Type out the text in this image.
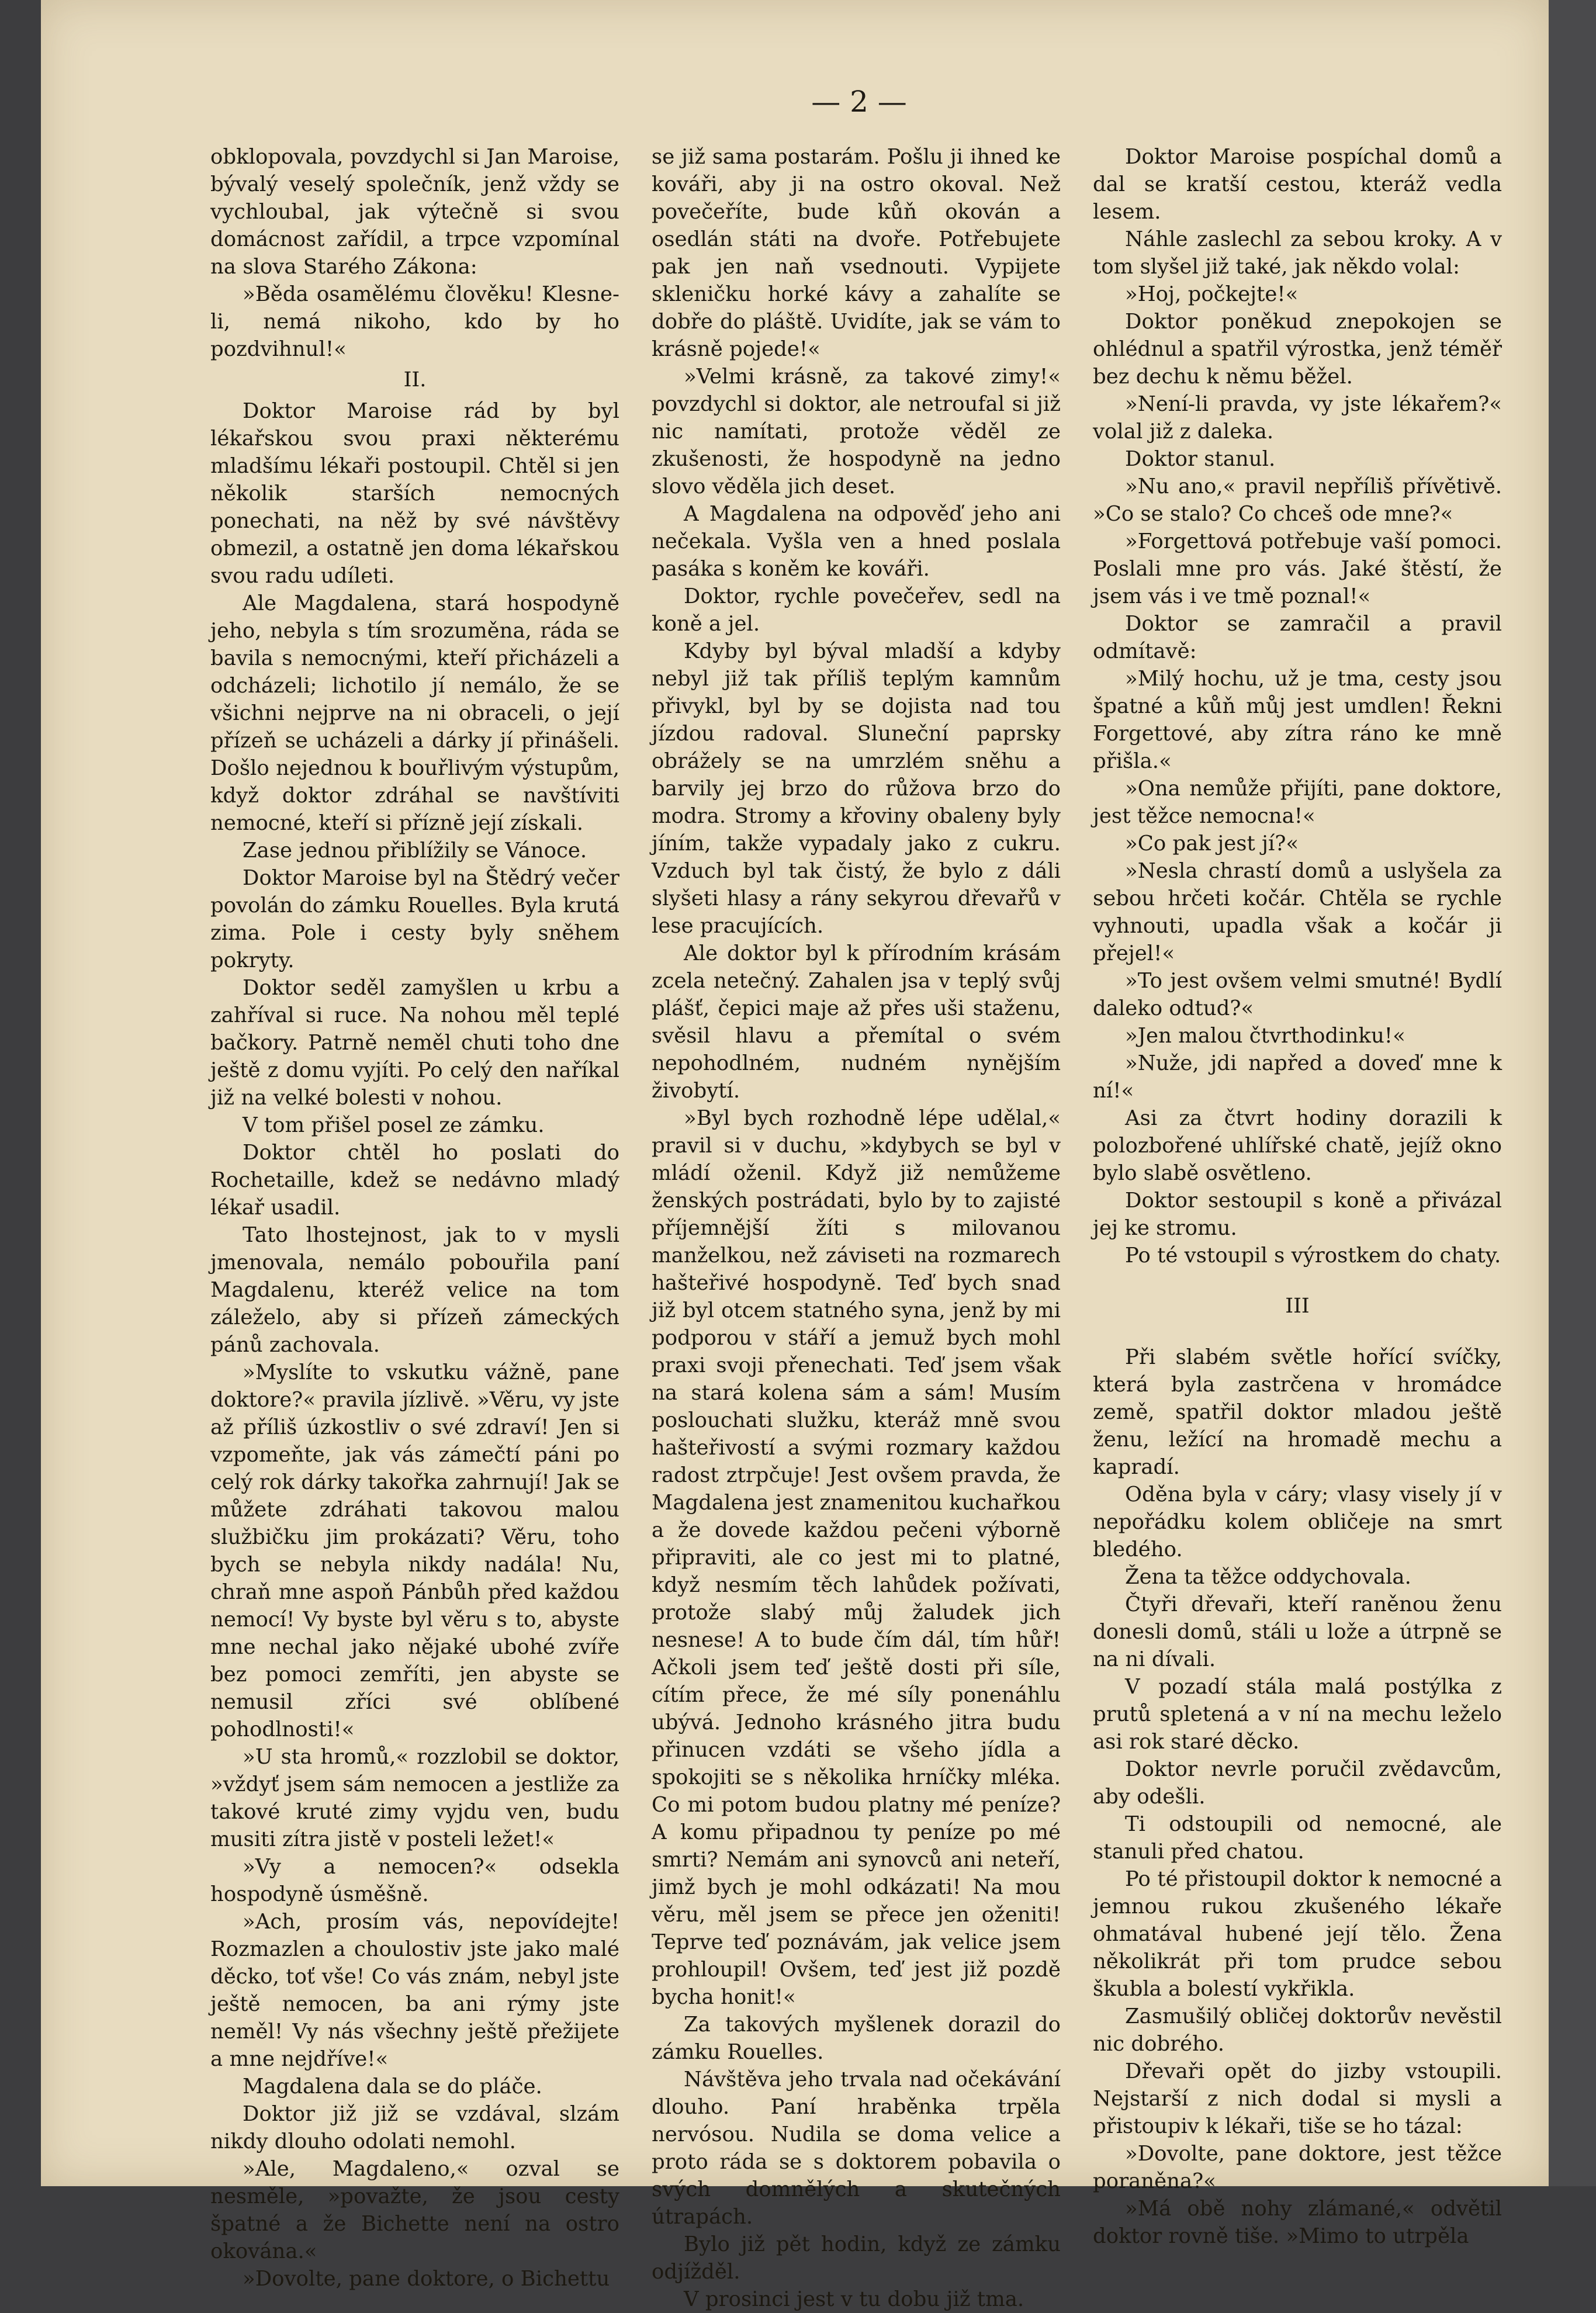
— 2 —

obklopovala, povzdychl si Jan Maroise, bývalý veselý společník, jenž vždy se vychloubal, jak výtečně si svou domácnost zařídil, a trpce vzpomínal na slova Starého Zákona:

»Běda osamělému člověku! Klesne-li, nemá nikoho, kdo by ho pozdvihnul!«

II.

Doktor Maroise rád by byl lékařskou svou praxi některému mladšímu lékaři postoupil. Chtěl si jen několik starších nemocných ponechati, na něž by své návštěvy obmezil, a ostatně jen doma lékařskou svou radu udíleti.

Ale Magdalena, stará hospodyně jeho, nebyla s tím srozuměna, ráda se bavila s nemocnými, kteří přicházeli a odcházeli; lichotilo jí nemálo, že se všichni nejprve na ni obraceli, o její přízeň se ucházeli a dárky jí přinášeli. Došlo nejednou k bouřlivým výstupům, když doktor zdráhal se navštíviti nemocné, kteří si přízně její získali.

Zase jednou přiblížily se Vánoce.

Doktor Maroise byl na Štědrý večer povolán do zámku Rouelles. Byla krutá zima. Pole i cesty byly sněhem pokryty.

Doktor seděl zamyšlen u krbu a zahříval si ruce. Na nohou měl teplé bačkory. Patrně neměl chuti toho dne ještě z domu vyjíti. Po celý den naříkal již na velké bolesti v nohou.

V tom přišel posel ze zámku.

Doktor chtěl ho poslati do Rochetaille, kdež se nedávno mladý lékař usadil.

Tato lhostejnost, jak to v mysli jmenovala, nemálo pobouřila paní Magdalenu, kteréž velice na tom záleželo, aby si přízeň zámeckých pánů zachovala.

»Myslíte to vskutku vážně, pane doktore?« pravila jízlivě. »Věru, vy jste až příliš úzkostliv o své zdraví! Jen si vzpomeňte, jak vás zámečtí páni po celý rok dárky takořka zahrnují! Jak se můžete zdráhati takovou malou službičku jim prokázati? Věru, toho bych se nebyla nikdy nadála! Nu, chraň mne aspoň Pánbůh před každou nemocí! Vy byste byl věru s to, abyste mne nechal jako nějaké ubohé zvíře bez pomoci zemříti, jen abyste se nemusil zříci své oblíbené pohodlnosti!«

»U sta hromů,« rozzlobil se doktor, »vždyť jsem sám nemocen a jestliže za takové kruté zimy vyjdu ven, budu musiti zítra jistě v posteli ležet!«

»Vy a nemocen?« odsekla hospodyně úsměšně.

»Ach, prosím vás, nepovídejte! Rozmazlen a choulostiv jste jako malé děcko, toť vše! Co vás znám, nebyl jste ještě nemocen, ba ani rýmy jste neměl! Vy nás všechny ještě přežijete a mne nejdříve!«

Magdalena dala se do pláče.

Doktor již již se vzdával, slzám nikdy dlouho odolati nemohl.

»Ale, Magdaleno,« ozval se nesměle, »považte, že jsou cesty špatné a že Bichette není na ostro okována.«

»Dovolte, pane doktore, o Bichettu

se již sama postarám. Pošlu ji ihned ke kováři, aby ji na ostro okoval. Než povečeříte, bude kůň okován a osedlán státi na dvoře. Potřebujete pak jen naň vsednouti. Vypijete skleničku horké kávy a zahalíte se dobře do pláště. Uvidíte, jak se vám to krásně pojede!«

»Velmi krásně, za takové zimy!« povzdychl si doktor, ale netroufal si již nic namítati, protože věděl ze zkušenosti, že hospodyně na jedno slovo věděla jich deset.

A Magdalena na odpověď jeho ani nečekala. Vyšla ven a hned poslala pasáka s koněm ke kováři.

Doktor, rychle povečeřev, sedl na koně a jel.

Kdyby byl býval mladší a kdyby nebyl již tak příliš teplým kamnům přivykl, byl by se dojista nad tou jízdou radoval. Sluneční paprsky obrážely se na umrzlém sněhu a barvily jej brzo do růžova brzo do modra. Stromy a křoviny obaleny byly jíním, takže vypadaly jako z cukru. Vzduch byl tak čistý, že bylo z dáli slyšeti hlasy a rány sekyrou dřevařů v lese pracujících.

Ale doktor byl k přírodním krásám zcela netečný. Zahalen jsa v teplý svůj plášť, čepici maje až přes uši staženu, svěsil hlavu a přemítal o svém nepohodlném, nudném nynějším živobytí.

»Byl bych rozhodně lépe udělal,« pravil si v duchu, »kdybych se byl v mládí oženil. Když již nemůžeme ženských postrádati, bylo by to zajisté příjemnější žíti s milovanou manželkou, než záviseti na rozmarech hašteřivé hospodyně. Teď bych snad již byl otcem statného syna, jenž by mi podporou v stáří a jemuž bych mohl praxi svoji přenechati. Teď jsem však na stará kolena sám a sám! Musím poslouchati služku, kteráž mně svou hašteřivostí a svými rozmary každou radost ztrpčuje! Jest ovšem pravda, že Magdalena jest znamenitou kuchařkou a že dovede každou pečeni výborně připraviti, ale co jest mi to platné, když nesmím těch lahůdek požívati, protože slabý můj žaludek jich nesnese! A to bude čím dál, tím hůř! Ačkoli jsem teď ještě dosti při síle, cítím přece, že mé síly ponenáhlu ubývá. Jednoho krásného jitra budu přinucen vzdáti se všeho jídla a spokojiti se s několika hrníčky mléka. Co mi potom budou platny mé peníze? A komu připadnou ty peníze po mé smrti? Nemám ani synovců ani neteří, jimž bych je mohl odkázati! Na mou věru, měl jsem se přece jen oženiti! Teprve teď poznávám, jak velice jsem prohloupil! Ovšem, teď jest již pozdě bycha honit!«

Za takových myšlenek dorazil do zámku Rouelles.

Návštěva jeho trvala nad očekávání dlouho. Paní hraběnka trpěla nervósou. Nudila se doma velice a proto ráda se s doktorem pobavila o svých domnělých a skutečných útrapách.

Bylo již pět hodin, když ze zámku odjížděl.

V prosinci jest v tu dobu již tma.

Doktor Maroise pospíchal domů a dal se kratší cestou, kteráž vedla lesem.

Náhle zaslechl za sebou kroky. A v tom slyšel již také, jak někdo volal:

»Hoj, počkejte!«

Doktor poněkud znepokojen se ohlédnul a spatřil výrostka, jenž téměř bez dechu k němu běžel.

»Není-li pravda, vy jste lékařem?« volal již z daleka.

Doktor stanul.

»Nu ano,« pravil nepříliš přívětivě. »Co se stalo? Co chceš ode mne?«

»Forgettová potřebuje vaší pomoci. Poslali mne pro vás. Jaké štěstí, že jsem vás i ve tmě poznal!«

Doktor se zamračil a pravil odmítavě:

»Milý hochu, už je tma, cesty jsou špatné a kůň můj jest umdlen! Řekni Forgettové, aby zítra ráno ke mně přišla.«

»Ona nemůže přijíti, pane doktore, jest těžce nemocna!«

»Co pak jest jí?«

»Nesla chrastí domů a uslyšela za sebou hrčeti kočár. Chtěla se rychle vyhnouti, upadla však a kočár ji přejel!«

»To jest ovšem velmi smutné! Bydlí daleko odtud?«

»Jen malou čtvrthodinku!«

»Nuže, jdi napřed a doveď mne k ní!«

Asi za čtvrt hodiny dorazili k polozbořené uhlířské chatě, jejíž okno bylo slabě osvětleno.

Doktor sestoupil s koně a přivázal jej ke stromu.

Po té vstoupil s výrostkem do chaty.

III

Při slabém světle hořící svíčky, která byla zastrčena v hromádce země, spatřil doktor mladou ještě ženu, ležící na hromadě mechu a kapradí.

Oděna byla v cáry; vlasy visely jí v nepořádku kolem obličeje na smrt bledého.

Žena ta těžce oddychovala.

Čtyři dřevaři, kteří raněnou ženu donesli domů, stáli u lože a útrpně se na ni dívali.

V pozadí stála malá postýlka z prutů spletená a v ní na mechu leželo asi rok staré děcko.

Doktor nevrle poručil zvědavcům, aby odešli.

Ti odstoupili od nemocné, ale stanuli před chatou.

Po té přistoupil doktor k nemocné a jemnou rukou zkušeného lékaře ohmatával hubené její tělo. Žena několikrát při tom prudce sebou škubla a bolestí vykřikla.

Zasmušilý obličej doktorův nevěstil nic dobrého.

Dřevaři opět do jizby vstoupili. Nejstarší z nich dodal si mysli a přistoupiv k lékaři, tiše se ho tázal:

»Dovolte, pane doktore, jest těžce poraněna?«

»Má obě nohy zlámané,« odvětil doktor rovně tiše. »Mimo to utrpěla
